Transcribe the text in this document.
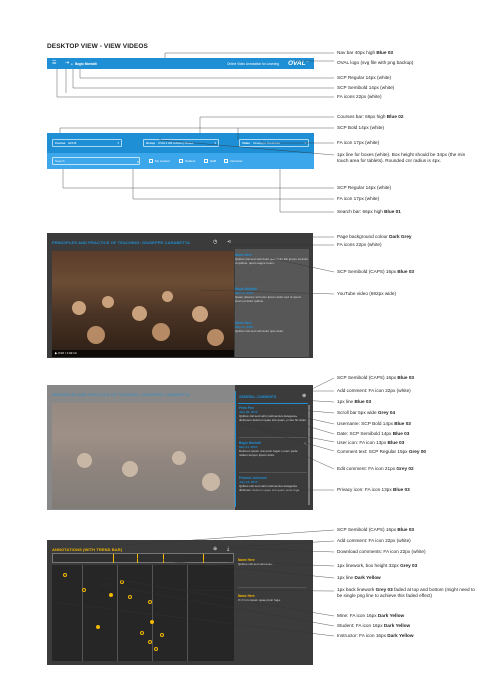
DESKTOP VIEW - VIEW VIDEOS
☰ ⇥ ● Bagio Montalti	Online Video Annotation for Learning OVAL™
Course EDU8	▾	Group OVAL1 EB Advisory Board	▾	Video Giuseppe Carabetta	▾
Search	⌕	My content	Student	Staff	Instructor
PRINCIPLES AND PRACTICE OF TEACHING: GIUSEPPE CARABETTA	◷ ⋖
▶ 0:00 / 1:02:13
Name Here
Quibus nisl sed velit dolor quis dolor illic ipsum sit dolor ut quibus, quam augue lorem.
Bagio Montalti
May 01, 2015
Quam dolorem sit lorem ipsum dolor sed ut ipsum lorem et dolor quibus.
Name Here
May 11, 2015
Quibus nisl sed velit dolor quis dolor.
PRINCIPLES AND PRACTICE OF TEACHING: GIUSEPPE CARABETTA	GENERAL COMMENTS	⊕
Petra Pan
July 28, 2015
Quibus nisl sed velit modimentus deleganta dictionem dolorum quae sint quam pedes hic dolor.
Bagio Montalti
May 01, 2015
Dolorum ipsum ursi proin fugat. Lorem pede nullum tempor ipsum dolor.
✎
Petranie Johnsoni
July 13, 2015
Quibus nisl sed velit modimentus deleganta dictionem dolorum quae sint quam pede fuga.
ANNOTATIONS (WITH TREND BAR)	⊕ ⤓
Name Here
Quibus nisl sed velit dolor.
Name Here
Dolorum ipsum quae proin fuga.
Nav bar 40px high Blue 03
OVAL logo (svg file with png backup)
SCP Regular 14px (white)
SCP Semibold 14px (white)
FA icons 22px (white)
Courses bar: 66px high Blue 02
SCP Bold 14px (white)
FA icon 17px (white)
1px line for boxes (white). Box height should be 34px (the min touch area for tablets). Rounded cnr radius is 4px.
SCP Regular 14px (white)
FA icon 17px (white)
Search bar: 66px high Blue 01
Page background colour Dark Grey
FA icons 22px (white)
SCP Semibold (CAPS) 16px Blue 03
YouTube video (692px wide)
SCP Semibold (CAPS) 16px Blue 03
Add comment: FA icon 22px (white)
1px line Blue 03
Scroll bar 5px wide Grey 04
Username: SCP Bold 14px Blue 03
Date: SCP Semibold 14px Blue 03
User icon: FA icon 13px Blue 03
Comment text: SCP Regular 15px Grey 00
Edit comment: FA icon 21px Grey 02
Privacy icon: FA icon 13px Blue 03
SCP Semibold (CAPS) 16px Blue 03
Add comment: FA icon 22px (white)
Download comments: FA icon 22px (white)
1px linework, box height 32px Grey 03
1px line Dark Yellow
1px back linework Grey 03 faded at top and bottom (might need to be single png line to achieve this faded effect)
Mine: FA icon 16px Dark Yellow
Student: FA icon 16px Dark Yellow
Instructor: FA icon 16px Dark Yellow
